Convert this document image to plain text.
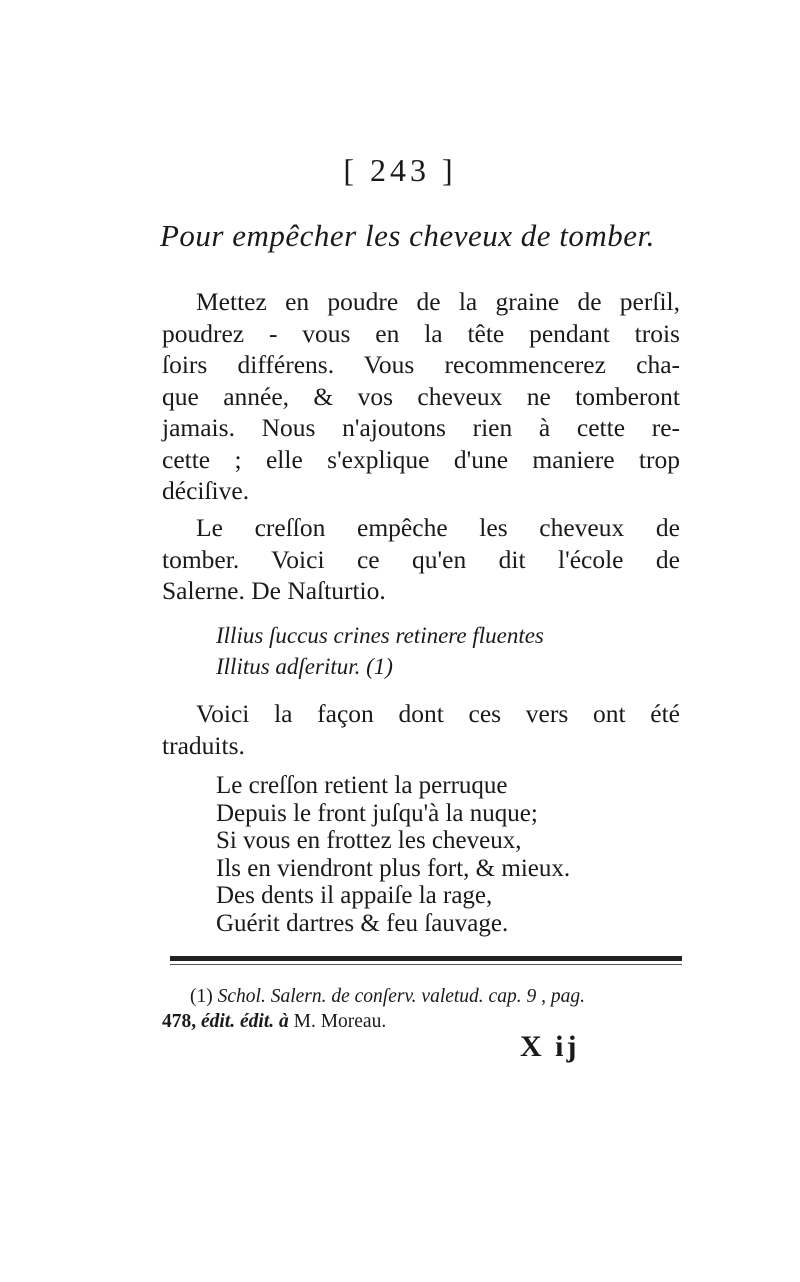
[ 243 ]
Pour empêcher les cheveux de tomber.
Mettez en poudre de la graine de perſil,
poudrez - vous en la tête pendant trois
ſoirs différens. Vous recommencerez cha-
que année, & vos cheveux ne tomberont
jamais. Nous n'ajoutons rien à cette re-
cette ; elle s'explique d'une maniere trop
déciſive.
Le creſſon empêche les cheveux de
tomber. Voici ce qu'en dit l'école de
Salerne. De Naſturtio.
Illius ſuccus crines retinere fluentes
Illitus adſeritur. (1)
Voici la façon dont ces vers ont été
traduits.
Le creſſon retient la perruque
Depuis le front juſqu'à la nuque;
Si vous en frottez les cheveux,
Ils en viendront plus fort, & mieux.
Des dents il appaiſe la rage,
Guérit dartres & feu ſauvage.
(1) Schol. Salern. de conſerv. valetud. cap. 9 , pag.
478, édit. édit. à M. Moreau.
X ij
